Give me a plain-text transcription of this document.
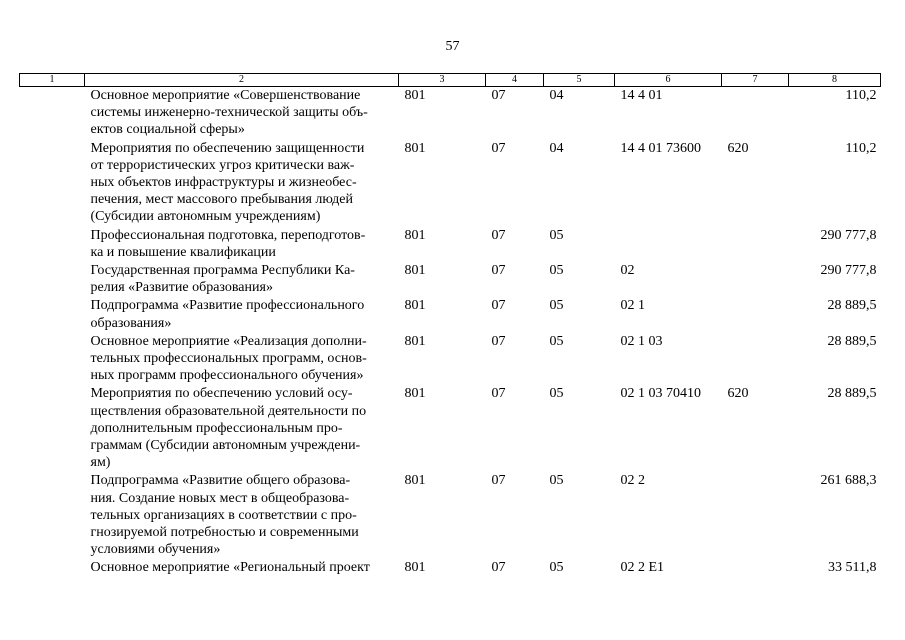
57
1	2	3	4	5	6	7	8

	Основное мероприятие «Совершенствование
системы инженерно-технической защиты объ-
ектов социальной сферы»	801	07	04	14 4 01		110,2

	Мероприятия по обеспечению защищенности
от террористических угроз критически важ-
ных объектов инфраструктуры и жизнеобес-
печения, мест массового пребывания людей
(Субсидии автономным учреждениям)	801	07	04	14 4 01 73600	620	110,2

	Профессиональная подготовка, переподготов-
ка и повышение квалификации	801	07	05			290 777,8

	Государственная программа Республики Ка-
релия «Развитие образования»	801	07	05	02		290 777,8

	Подпрограмма «Развитие профессионального
образования»	801	07	05	02 1		28 889,5

	Основное мероприятие «Реализация дополни-
тельных профессиональных программ, основ-
ных программ профессионального обучения»	801	07	05	02 1 03		28 889,5

	Мероприятия по обеспечению условий осу-
ществления образовательной деятельности по
дополнительным профессиональным про-
граммам (Субсидии автономным учреждени-
ям)	801	07	05	02 1 03 70410	620	28 889,5

	Подпрограмма «Развитие общего образова-
ния. Создание новых мест в общеобразова-
тельных организациях в соответствии с про-
гнозируемой потребностью и современными
условиями обучения»	801	07	05	02 2		261 688,3

	Основное мероприятие «Региональный проект	801	07	05	02 2 E1		33 511,8
